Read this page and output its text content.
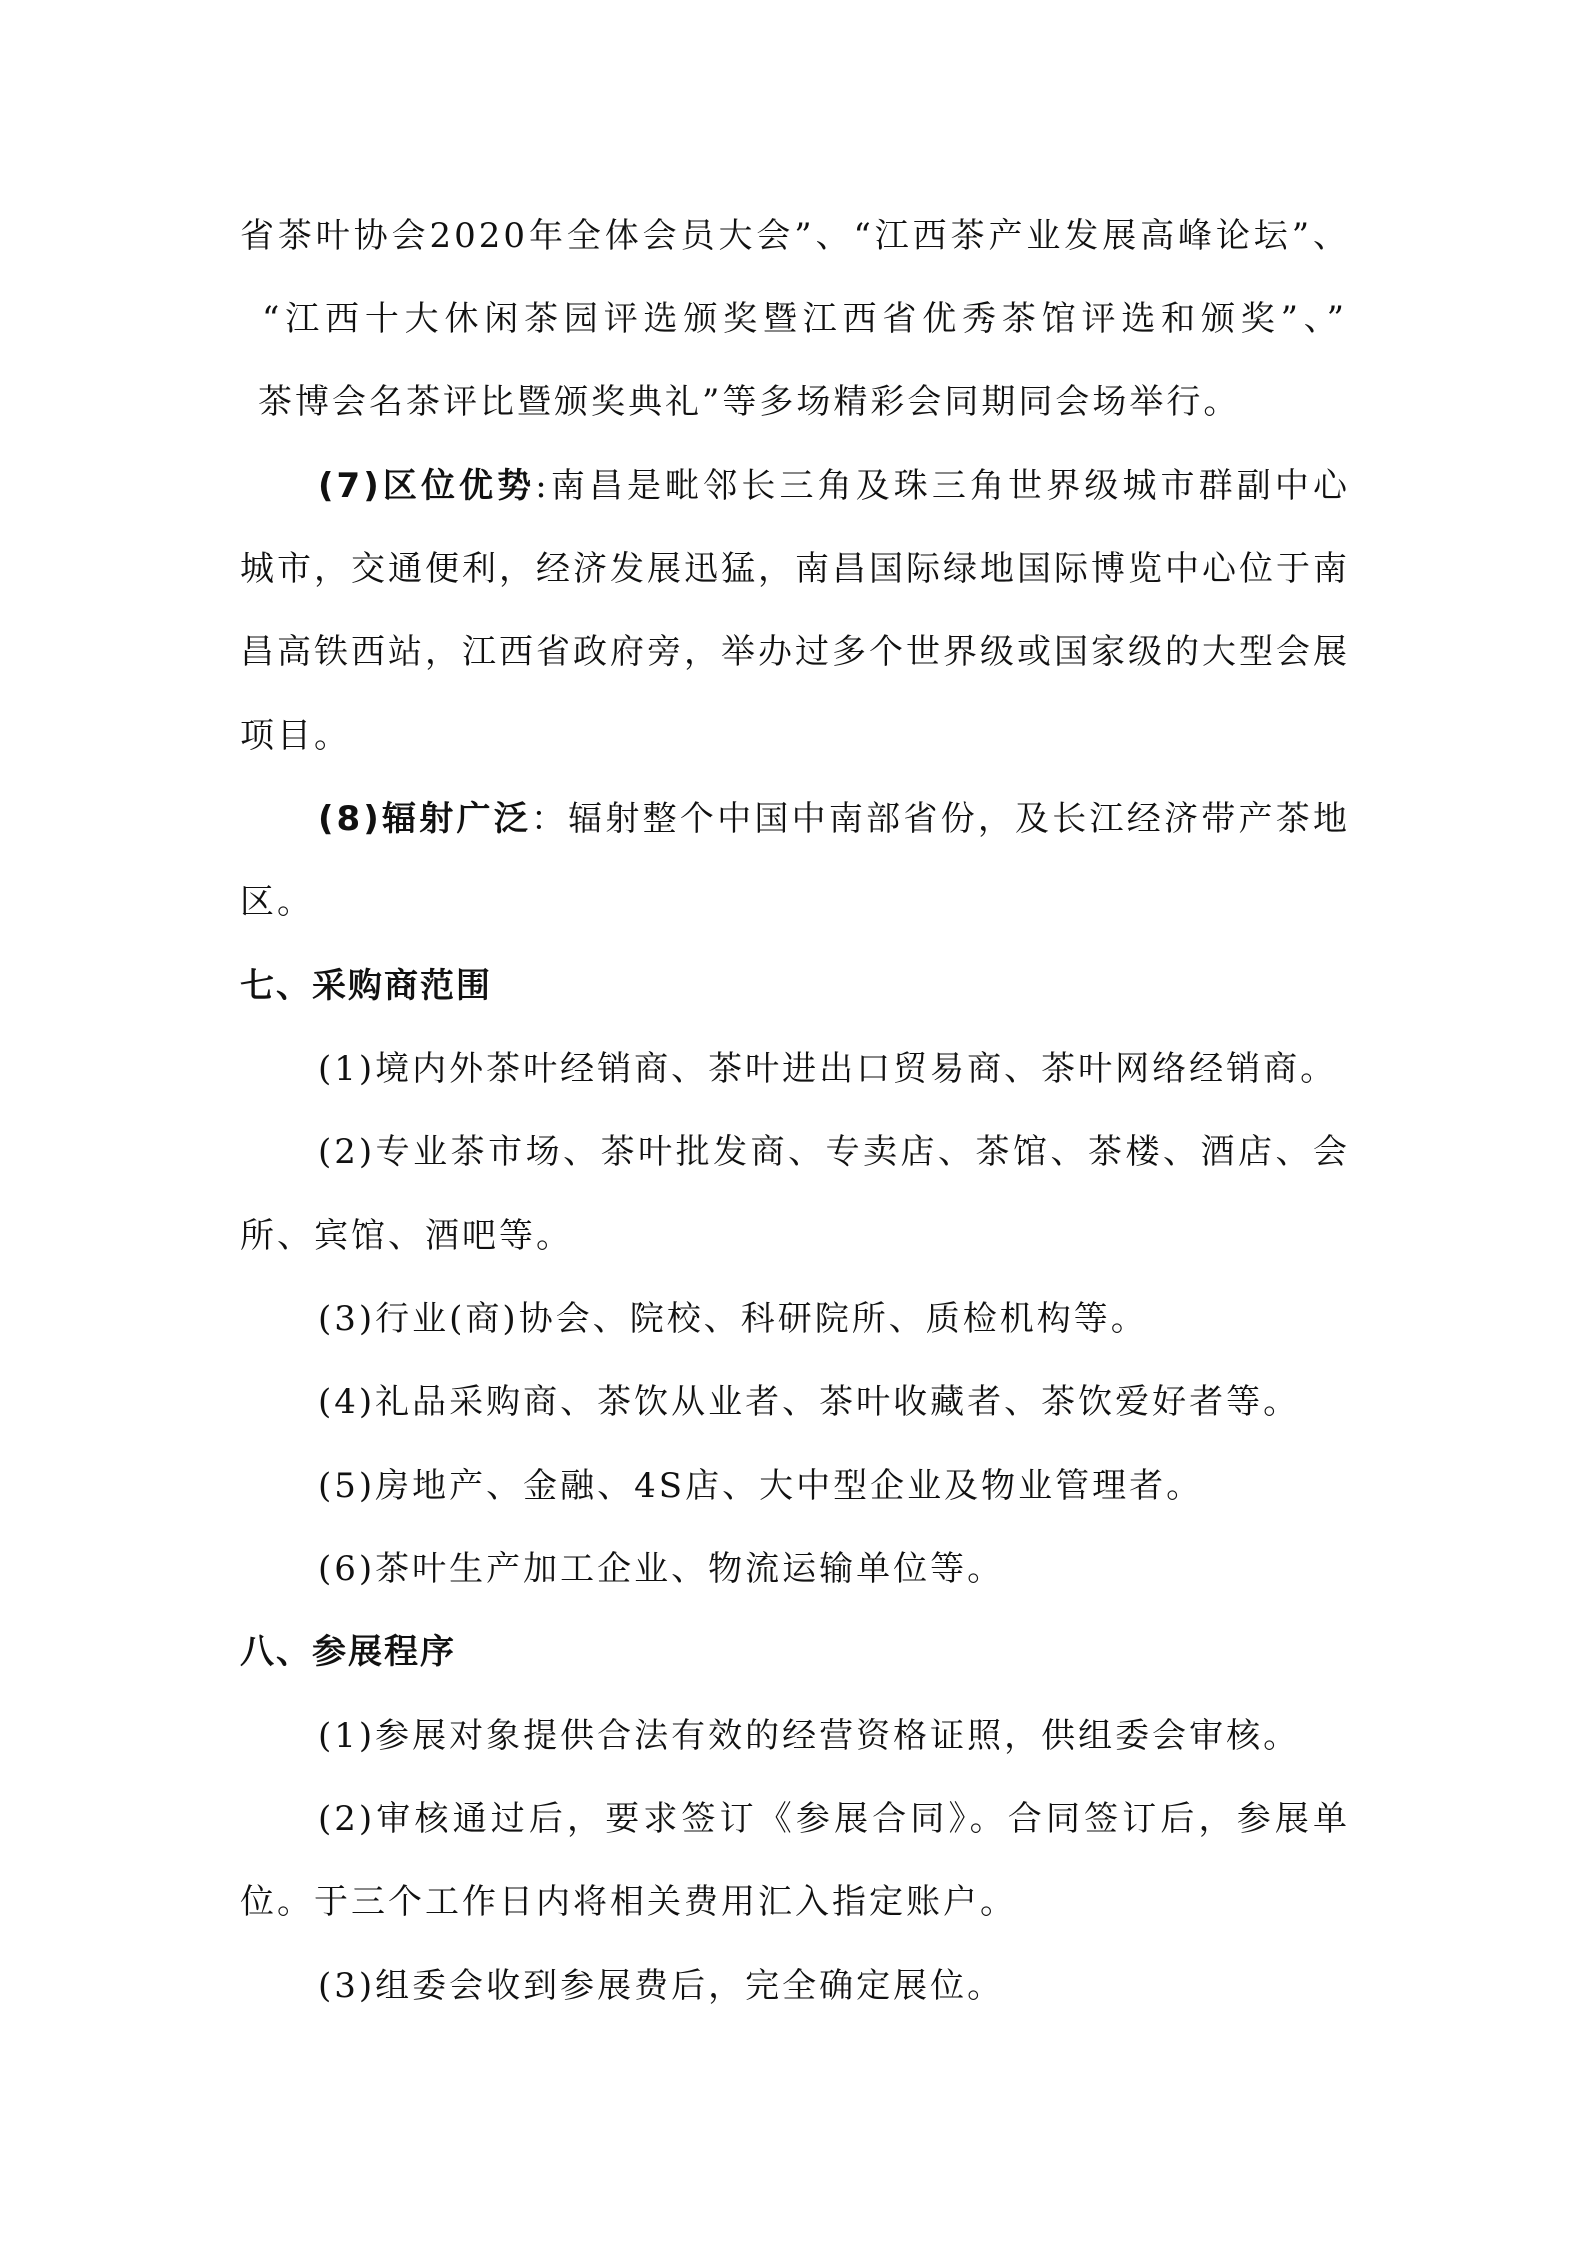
省茶叶协会2020年全体会员大会”、“江西茶产业发展高峰论坛”、
“江西十大休闲茶园评选颁奖暨江西省优秀茶馆评选和颁奖”、”
茶博会名茶评比暨颁奖典礼”等多场精彩会同期同会场举行。
(7)区位优势:南昌是毗邻长三角及珠三角世界级城市群副中心
城市，交通便利，经济发展迅猛，南昌国际绿地国际博览中心位于南
昌高铁西站，江西省政府旁，举办过多个世界级或国家级的大型会展
项目。
(8)辐射广泛：辐射整个中国中南部省份，及长江经济带产茶地
区。
七、采购商范围
(1)境内外茶叶经销商、茶叶进出口贸易商、茶叶网络经销商。
(2)专业茶市场、茶叶批发商、专卖店、茶馆、茶楼、酒店、会
所、宾馆、酒吧等。
(3)行业(商)协会、院校、科研院所、质检机构等。
(4)礼品采购商、茶饮从业者、茶叶收藏者、茶饮爱好者等。
(5)房地产、金融、4S店、大中型企业及物业管理者。
(6)茶叶生产加工企业、物流运输单位等。
八、参展程序
(1)参展对象提供合法有效的经营资格证照，供组委会审核。
(2)审核通过后，要求签订《参展合同》。合同签订后，参展单
位。于三个工作日内将相关费用汇入指定账户。
(3)组委会收到参展费后，完全确定展位。
